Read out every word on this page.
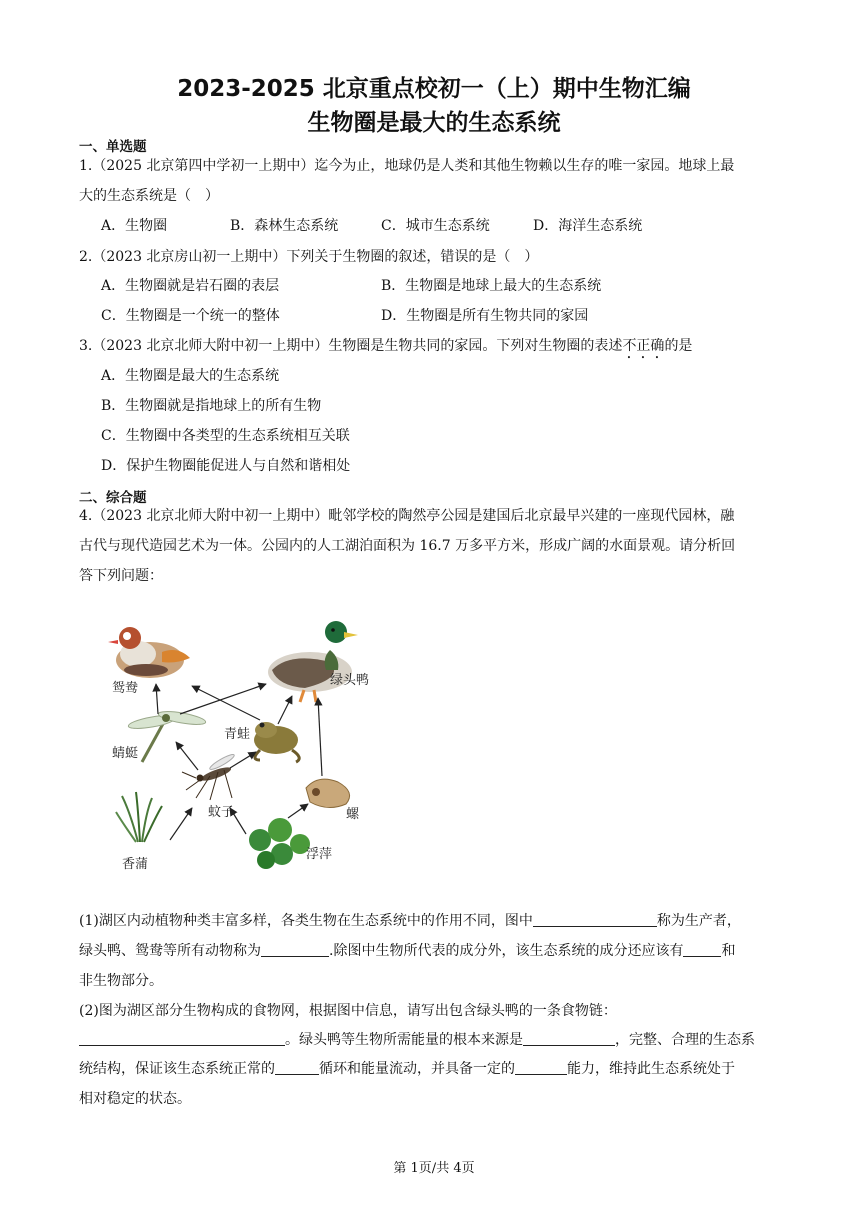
2023-2025 北京重点校初一（上）期中生物汇编
生物圈是最大的生态系统
一、单选题
1.（2025 北京第四中学初一上期中）迄今为止，地球仍是人类和其他生物赖以生存的唯一家园。地球上最
大的生态系统是（　）
A．生物圈	B．森林生态系统	C．城市生态系统	D．海洋生态系统
2.（2023 北京房山初一上期中）下列关于生物圈的叙述，错误的是（　）
A．生物圈就是岩石圈的表层	B．生物圈是地球上最大的生态系统
C．生物圈是一个统一的整体	D．生物圈是所有生物共同的家园
3.（2023 北京北师大附中初一上期中）生物圈是生物共同的家园。下列对生物圈的表述不正确的是
A．生物圈是最大的生态系统
B．生物圈就是指地球上的所有生物
C．生物圈中各类型的生态系统相互关联
D．保护生物圈能促进人与自然和谐相处
二、综合题
4.（2023 北京北师大附中初一上期中）毗邻学校的陶然亭公园是建国后北京最早兴建的一座现代园林，融
古代与现代造园艺术为一体。公园内的人工湖泊面积为 16.7 万多平方米，形成广阔的水面景观。请分析回
答下列问题：
鸳鸯
绿头鸭
蜻蜓
青蛙
蚊子	螺
香蒲
浮萍
(1)湖区内动植物种类丰富多样，各类生物在生态系统中的作用不同，图中	称为生产者，
绿头鸭、鸳鸯等所有动物称为	.除图中生物所代表的成分外，该生态系统的成分还应该有	和
非生物部分。
(2)图为湖区部分生物构成的食物网，根据图中信息，请写出包含绿头鸭的一条食物链：
。绿头鸭等生物所需能量的根本来源是	，完整、合理的生态系
统结构，保证该生态系统正常的	循环和能量流动，并具备一定的	能力，维持此生态系统处于
相对稳定的状态。
第 1页/共 4页
